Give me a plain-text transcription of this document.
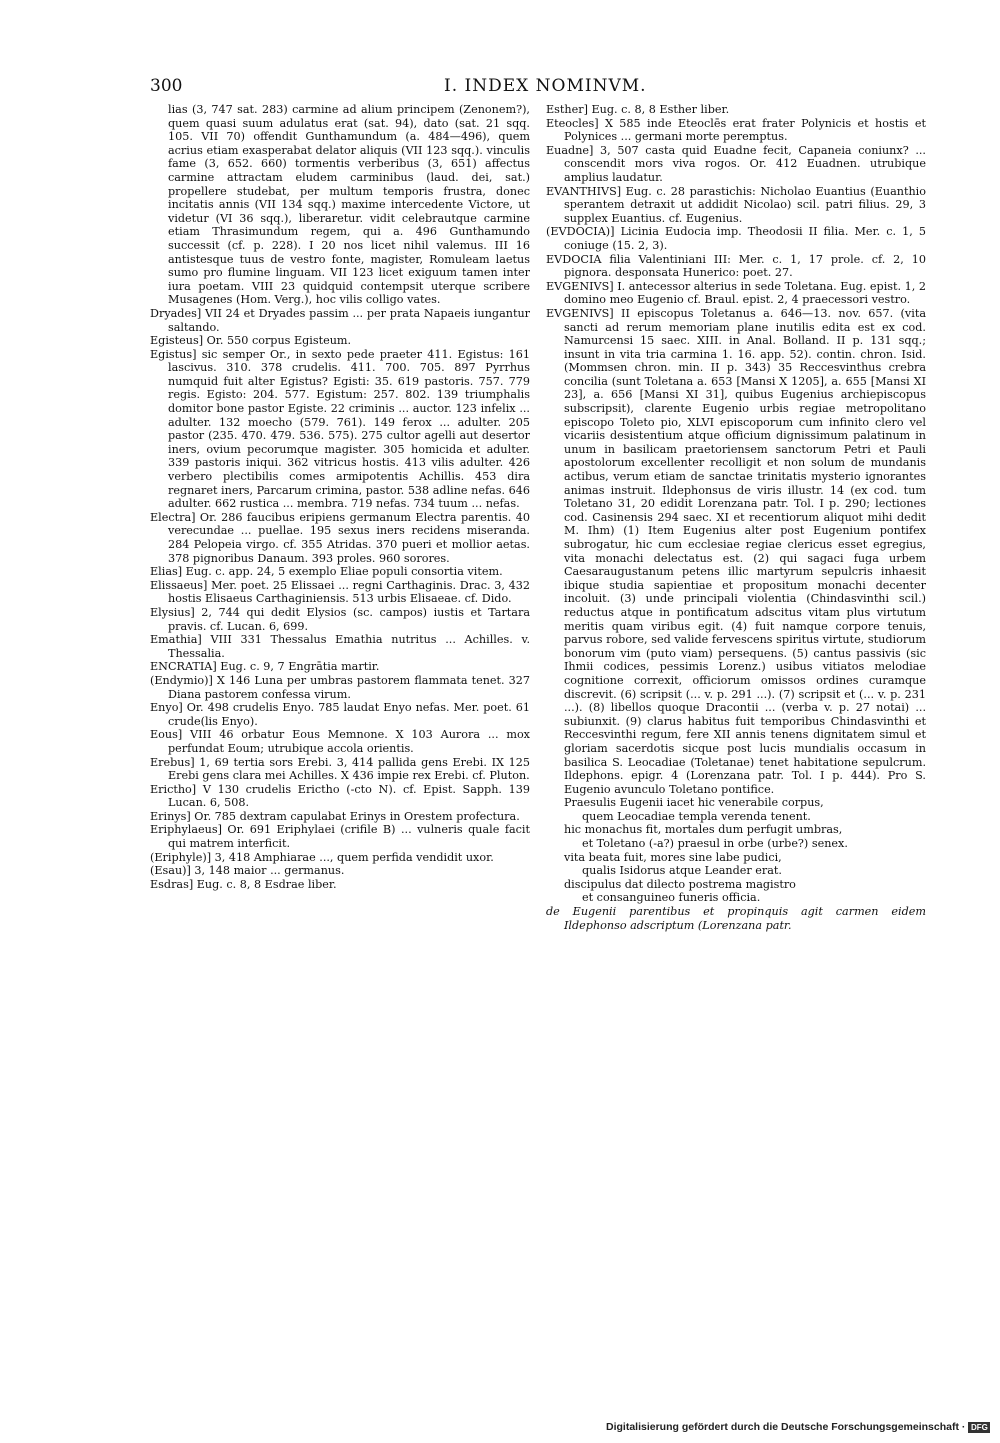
300	I. INDEX NOMINVM.

lias (3, 747 sat. 283) carmine ad alium principem (Zenonem?), quem quasi suum adulatus erat (sat. 94), dato (sat. 21 sqq. 105. VII 70) offendit Gunthamundum (a. 484—496), quem acrius etiam exasperabat delator aliquis (VII 123 sqq.). vinculis fame (3, 652. 660) tormentis verberibus (3, 651) affectus carmine attractam eludem carminibus (laud. dei, sat.) propellere studebat, per multum temporis frustra, donec incitatis annis (VII 134 sqq.) maxime intercedente Victore, ut videtur (VI 36 sqq.), liberaretur. vidit celebrautque carmine etiam Thrasimundum regem, qui a. 496 Gunthamundo successit (cf. p. 228). I 20 nos licet nihil valemus. III 16 antistesque tuus de vestro fonte, magister, Romuleam laetus sumo pro flumine linguam. VII 123 licet exiguum tamen inter iura poetam. VIII 23 quidquid contempsit uterque scribere Musagenes (Hom. Verg.), hoc vilis colligo vates.

Dryades] VII 24 et Dryades passim ... per prata Napaeis iungantur saltando.

Egisteus] Or. 550 corpus Egisteum.

Egistus] sic semper Or., in sexto pede praeter 411. Egistus: 161 lascivus. 310. 378 crudelis. 411. 700. 705. 897 Pyrrhus numquid fuit alter Egistus? Egisti: 35. 619 pastoris. 757. 779 regis. Egisto: 204. 577. Egistum: 257. 802. 139 triumphalis domitor bone pastor Egiste. 22 criminis ... auctor. 123 infelix ... adulter. 132 moecho (579. 761). 149 ferox ... adulter. 205 pastor (235. 470. 479. 536. 575). 275 cultor agelli aut desertor iners, ovium pecorumque magister. 305 homicida et adulter. 339 pastoris iniqui. 362 vitricus hostis. 413 vilis adulter. 426 verbero plectibilis comes armipotentis Achillis. 453 dira regnaret iners, Parcarum crimina, pastor. 538 adline nefas. 646 adulter. 662 rustica ... membra. 719 nefas. 734 tuum ... nefas.

Electra] Or. 286 faucibus eripiens germanum Electra parentis. 40 verecundae ... puellae. 195 sexus iners recidens miseranda. 284 Pelopeia virgo. cf. 355 Atridas. 370 pueri et mollior aetas. 378 pignoribus Danaum. 393 proles. 960 sorores.

Elias] Eug. c. app. 24, 5 exemplo Eliae populi consortia vitem.

Elissaeus] Mer. poet. 25 Elissaei ... regni Carthaginis. Drac. 3, 432 hostis Elisaeus Carthaginiensis. 513 urbis Elisaeae. cf. Dido.

Elysius] 2, 744 qui dedit Elysios (sc. campos) iustis et Tartara pravis. cf. Lucan. 6, 699.

Emathia] VIII 331 Thessalus Emathia nutritus ... Achilles. v. Thessalia.

ENCRATIA] Eug. c. 9, 7 Engrātia martir.

(Endymio)] X 146 Luna per umbras pastorem flammata tenet. 327 Diana pastorem confessa virum.

Enyo] Or. 498 crudelis Enyo. 785 laudat Enyo nefas. Mer. poet. 61 crude(lis Enyo).

Eous] VIII 46 orbatur Eous Memnone. X 103 Aurora ... mox perfundat Eoum; utrubique accola orientis.

Erebus] 1, 69 tertia sors Erebi. 3, 414 pallida gens Erebi. IX 125 Erebi gens clara mei Achilles. X 436 impie rex Erebi. cf. Pluton.

Erictho] V 130 crudelis Erictho (-cto N). cf. Epist. Sapph. 139 Lucan. 6, 508.

Erinys] Or. 785 dextram capulabat Erinys in Orestem profectura.

Eriphylaeus] Or. 691 Eriphylaei (crifile B) ... vulneris quale facit qui matrem interficit.

(Eriphyle)] 3, 418 Amphiarae ..., quem perfida vendidit uxor.

(Esau)] 3, 148 maior ... germanus.

Esdras] Eug. c. 8, 8 Esdrae liber.

Esther] Eug. c. 8, 8 Esther liber.

Eteocles] X 585 inde Eteoclēs erat frater Polynicis et hostis et Polynices ... germani morte peremptus.

Euadne] 3, 507 casta quid Euadne fecit, Capaneia coniunx? ... conscendit mors viva rogos. Or. 412 Euadnen. utrubique amplius laudatur.

EVANTHIVS] Eug. c. 28 parastichis: Nicholao Euantius (Euanthio sperantem detraxit ut addidit Nicolao) scil. patri filius. 29, 3 supplex Euantius. cf. Eugenius.

(EVDOCIA)] Licinia Eudocia imp. Theodosii II filia. Mer. c. 1, 5 coniuge (15. 2, 3).

EVDOCIA filia Valentiniani III: Mer. c. 1, 17 prole. cf. 2, 10 pignora. desponsata Hunerico: poet. 27.

EVGENIVS] I. antecessor alterius in sede Toletana. Eug. epist. 1, 2 domino meo Eugenio cf. Braul. epist. 2, 4 praecessori vestro.

EVGENIVS] II episcopus Toletanus a. 646—13. nov. 657. (vita sancti ad rerum memoriam plane inutilis edita est ex cod. Namurcensi 15 saec. XIII. in Anal. Bolland. II p. 131 sqq.; insunt in vita tria carmina 1. 16. app. 52). contin. chron. Isid. (Mommsen chron. min. II p. 343) 35 Reccesvinthus crebra concilia (sunt Toletana a. 653 [Mansi X 1205], a. 655 [Mansi XI 23], a. 656 [Mansi XI 31], quibus Eugenius archiepiscopus subscripsit), clarente Eugenio urbis regiae metropolitano episcopo Toleto pio, XLVI episcoporum cum infinito clero vel vicariis desistentium atque officium dignissimum palatinum in unum in basilicam praetoriensem sanctorum Petri et Pauli apostolorum excellenter recolligit et non solum de mundanis actibus, verum etiam de sanctae trinitatis mysterio ignorantes animas instruit. Ildephonsus de viris illustr. 14 (ex cod. tum Toletano 31, 20 edidit Lorenzana patr. Tol. I p. 290; lectiones cod. Casinensis 294 saec. XI et recentiorum aliquot mihi dedit M. Ihm) (1) Item Eugenius alter post Eugenium pontifex subrogatur, hic cum ecclesiae regiae clericus esset egregius, vita monachi delectatus est. (2) qui sagaci fuga urbem Caesaraugustanum petens illic martyrum sepulcris inhaesit ibique studia sapientiae et propositum monachi decenter incoluit. (3) unde principali violentia (Chindasvinthi scil.) reductus atque in pontificatum adscitus vitam plus virtutum meritis quam viribus egit. (4) fuit namque corpore tenuis, parvus robore, sed valide fervescens spiritus virtute, studiorum bonorum vim (puto viam) persequens. (5) cantus passivis (sic Ihmii codices, pessimis Lorenz.) usibus vitiatos melodiae cognitione correxit, officiorum omissos ordines curamque discrevit. (6) scripsit (... v. p. 291 ...). (7) scripsit et (... v. p. 231 ...). (8) libellos quoque Dracontii ... (verba v. p. 27 notai) ... subiunxit. (9) clarus habitus fuit temporibus Chindasvinthi et Reccesvinthi regum, fere XII annis tenens dignitatem simul et gloriam sacerdotis sicque post lucis mundialis occasum in basilica S. Leocadiae (Toletanae) tenet habitatione sepulcrum. Ildephons. epigr. 4 (Lorenzana patr. Tol. I p. 444). Pro S. Eugenio avunculo Toletano pontifice.

Praesulis Eugenii iacet hic venerabile corpus,

quem Leocadiae templa verenda tenent.

hic monachus fit, mortales dum perfugit umbras,

et Toletano (-a?) praesul in orbe (urbe?) senex.

vita beata fuit, mores sine labe pudici,

qualis Isidorus atque Leander erat.

discipulus dat dilecto postrema magistro

et consanguineo funeris officia.

de Eugenii parentibus et propinquis agit carmen eidem Ildephonso adscriptum (Lorenzana patr.

Digitalisierung gefördert durch die Deutsche Forschungsgemeinschaft · DFG
